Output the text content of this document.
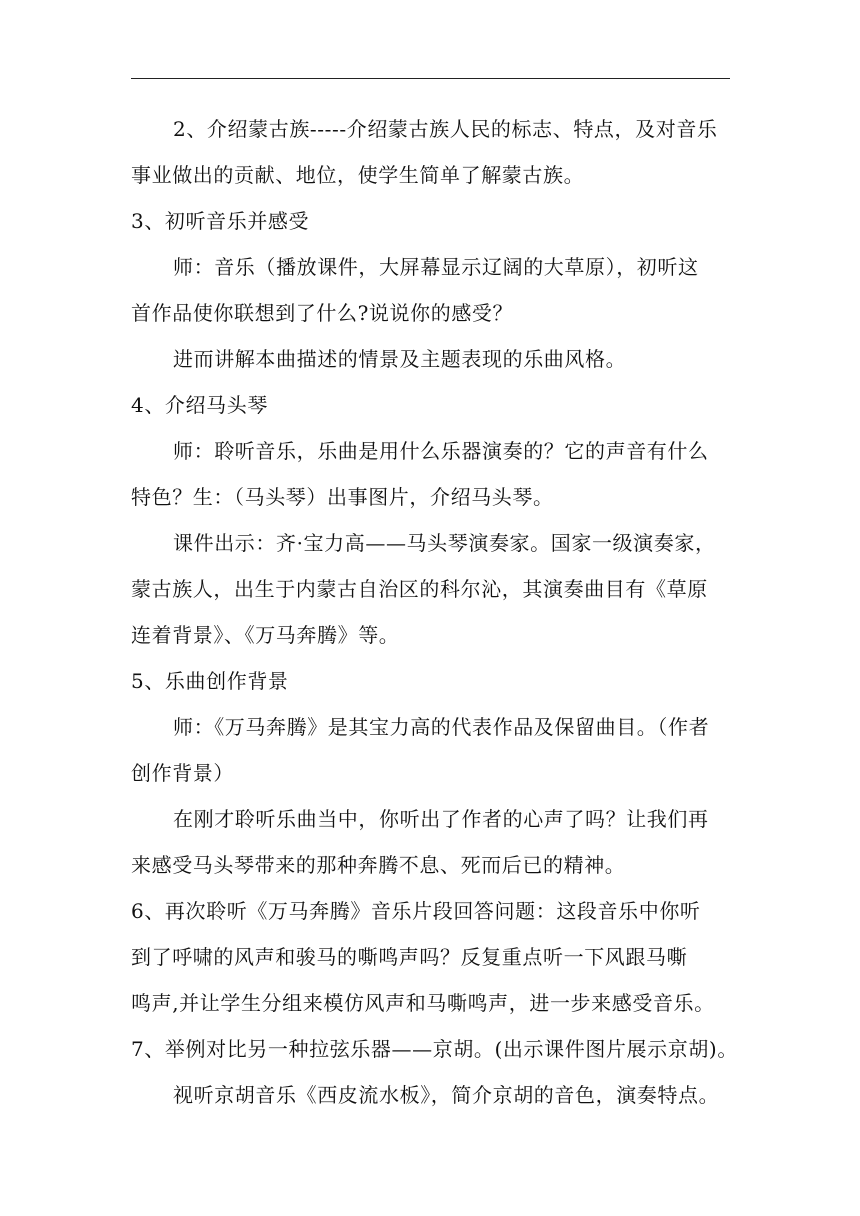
2、介绍蒙古族-----介绍蒙古族人民的标志、特点，及对音乐
事业做出的贡献、地位，使学生简单了解蒙古族。
3、初听音乐并感受
师：音乐（播放课件，大屏幕显示辽阔的大草原），初听这
首作品使你联想到了什么?说说你的感受？
进而讲解本曲描述的情景及主题表现的乐曲风格。
4、介绍马头琴
师：聆听音乐，乐曲是用什么乐器演奏的？它的声音有什么
特色？生：（马头琴）出事图片，介绍马头琴。
课件出示：齐·宝力高——马头琴演奏家。国家一级演奏家，
蒙古族人，出生于内蒙古自治区的科尔沁，其演奏曲目有《草原
连着背景》、《万马奔腾》等。
5、乐曲创作背景
师：《万马奔腾》是其宝力高的代表作品及保留曲目。（作者
创作背景）
在刚才聆听乐曲当中，你听出了作者的心声了吗？让我们再
来感受马头琴带来的那种奔腾不息、死而后已的精神。
6、再次聆听《万马奔腾》音乐片段回答问题：这段音乐中你听
到了呼啸的风声和骏马的嘶鸣声吗？反复重点听一下风跟马嘶
鸣声,并让学生分组来模仿风声和马嘶鸣声，进一步来感受音乐。
7、举例对比另一种拉弦乐器——京胡。(出示课件图片展示京胡)。
视听京胡音乐《西皮流水板》，简介京胡的音色，演奏特点。
